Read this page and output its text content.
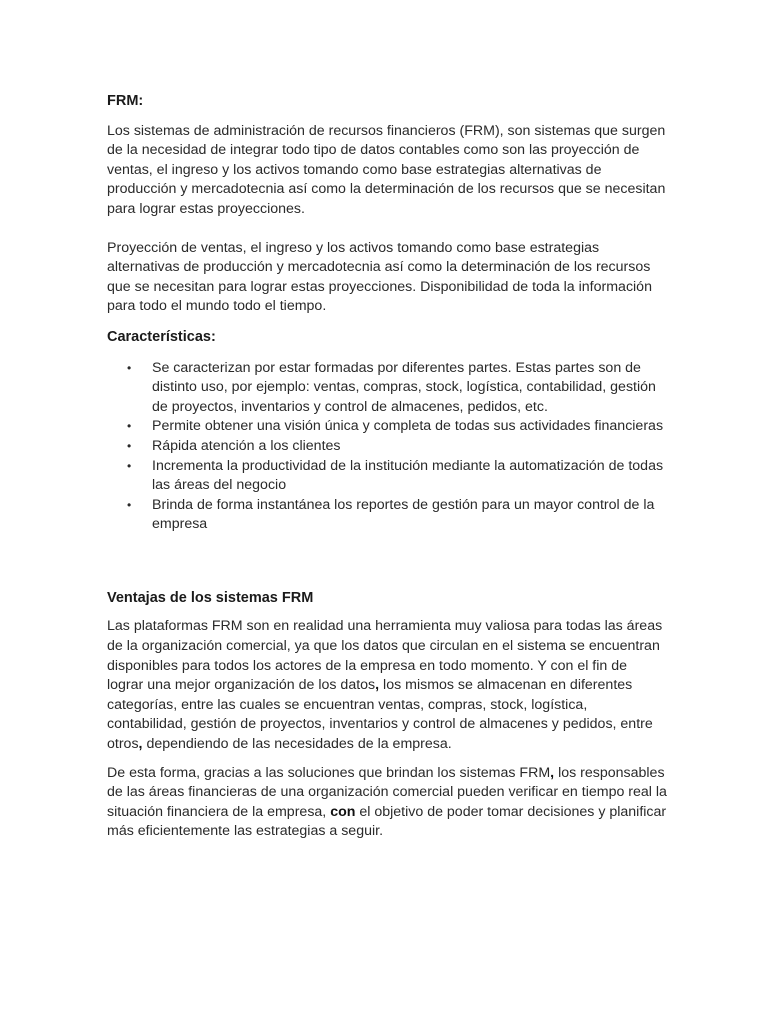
FRM:

Los sistemas de administración de recursos financieros (FRM), son sistemas que surgen de la necesidad de integrar todo tipo de datos contables como son las proyección de ventas, el ingreso y los activos tomando como base estrategias alternativas de producción y mercadotecnia así como la determinación de los recursos que se necesitan para lograr estas proyecciones.

Proyección de ventas, el ingreso y los activos tomando como base estrategias alternativas de producción y mercadotecnia así como la determinación de los recursos que se necesitan para lograr estas proyecciones. Disponibilidad de toda la información para todo el mundo todo el tiempo.

Características:
• Se caracterizan por estar formadas por diferentes partes. Estas partes son de distinto uso, por ejemplo: ventas, compras, stock, logística, contabilidad, gestión de proyectos, inventarios y control de almacenes, pedidos, etc.
• Permite obtener una visión única y completa de todas sus actividades financieras
• Rápida atención a los clientes
• Incrementa la productividad de la institución mediante la automatización de todas las áreas del negocio
• Brinda de forma instantánea los reportes de gestión para un mayor control de la empresa
Ventajas de los sistemas FRM

Las plataformas FRM son en realidad una herramienta muy valiosa para todas las áreas de la organización comercial, ya que los datos que circulan en el sistema se encuentran disponibles para todos los actores de la empresa en todo momento. Y con el fin de lograr una mejor organización de los datos, los mismos se almacenan en diferentes categorías, entre las cuales se encuentran ventas, compras, stock, logística, contabilidad, gestión de proyectos, inventarios y control de almacenes y pedidos, entre otros, dependiendo de las necesidades de la empresa.

De esta forma, gracias a las soluciones que brindan los sistemas FRM, los responsables de las áreas financieras de una organización comercial pueden verificar en tiempo real la situación financiera de la empresa, con el objetivo de poder tomar decisiones y planificar más eficientemente las estrategias a seguir.
